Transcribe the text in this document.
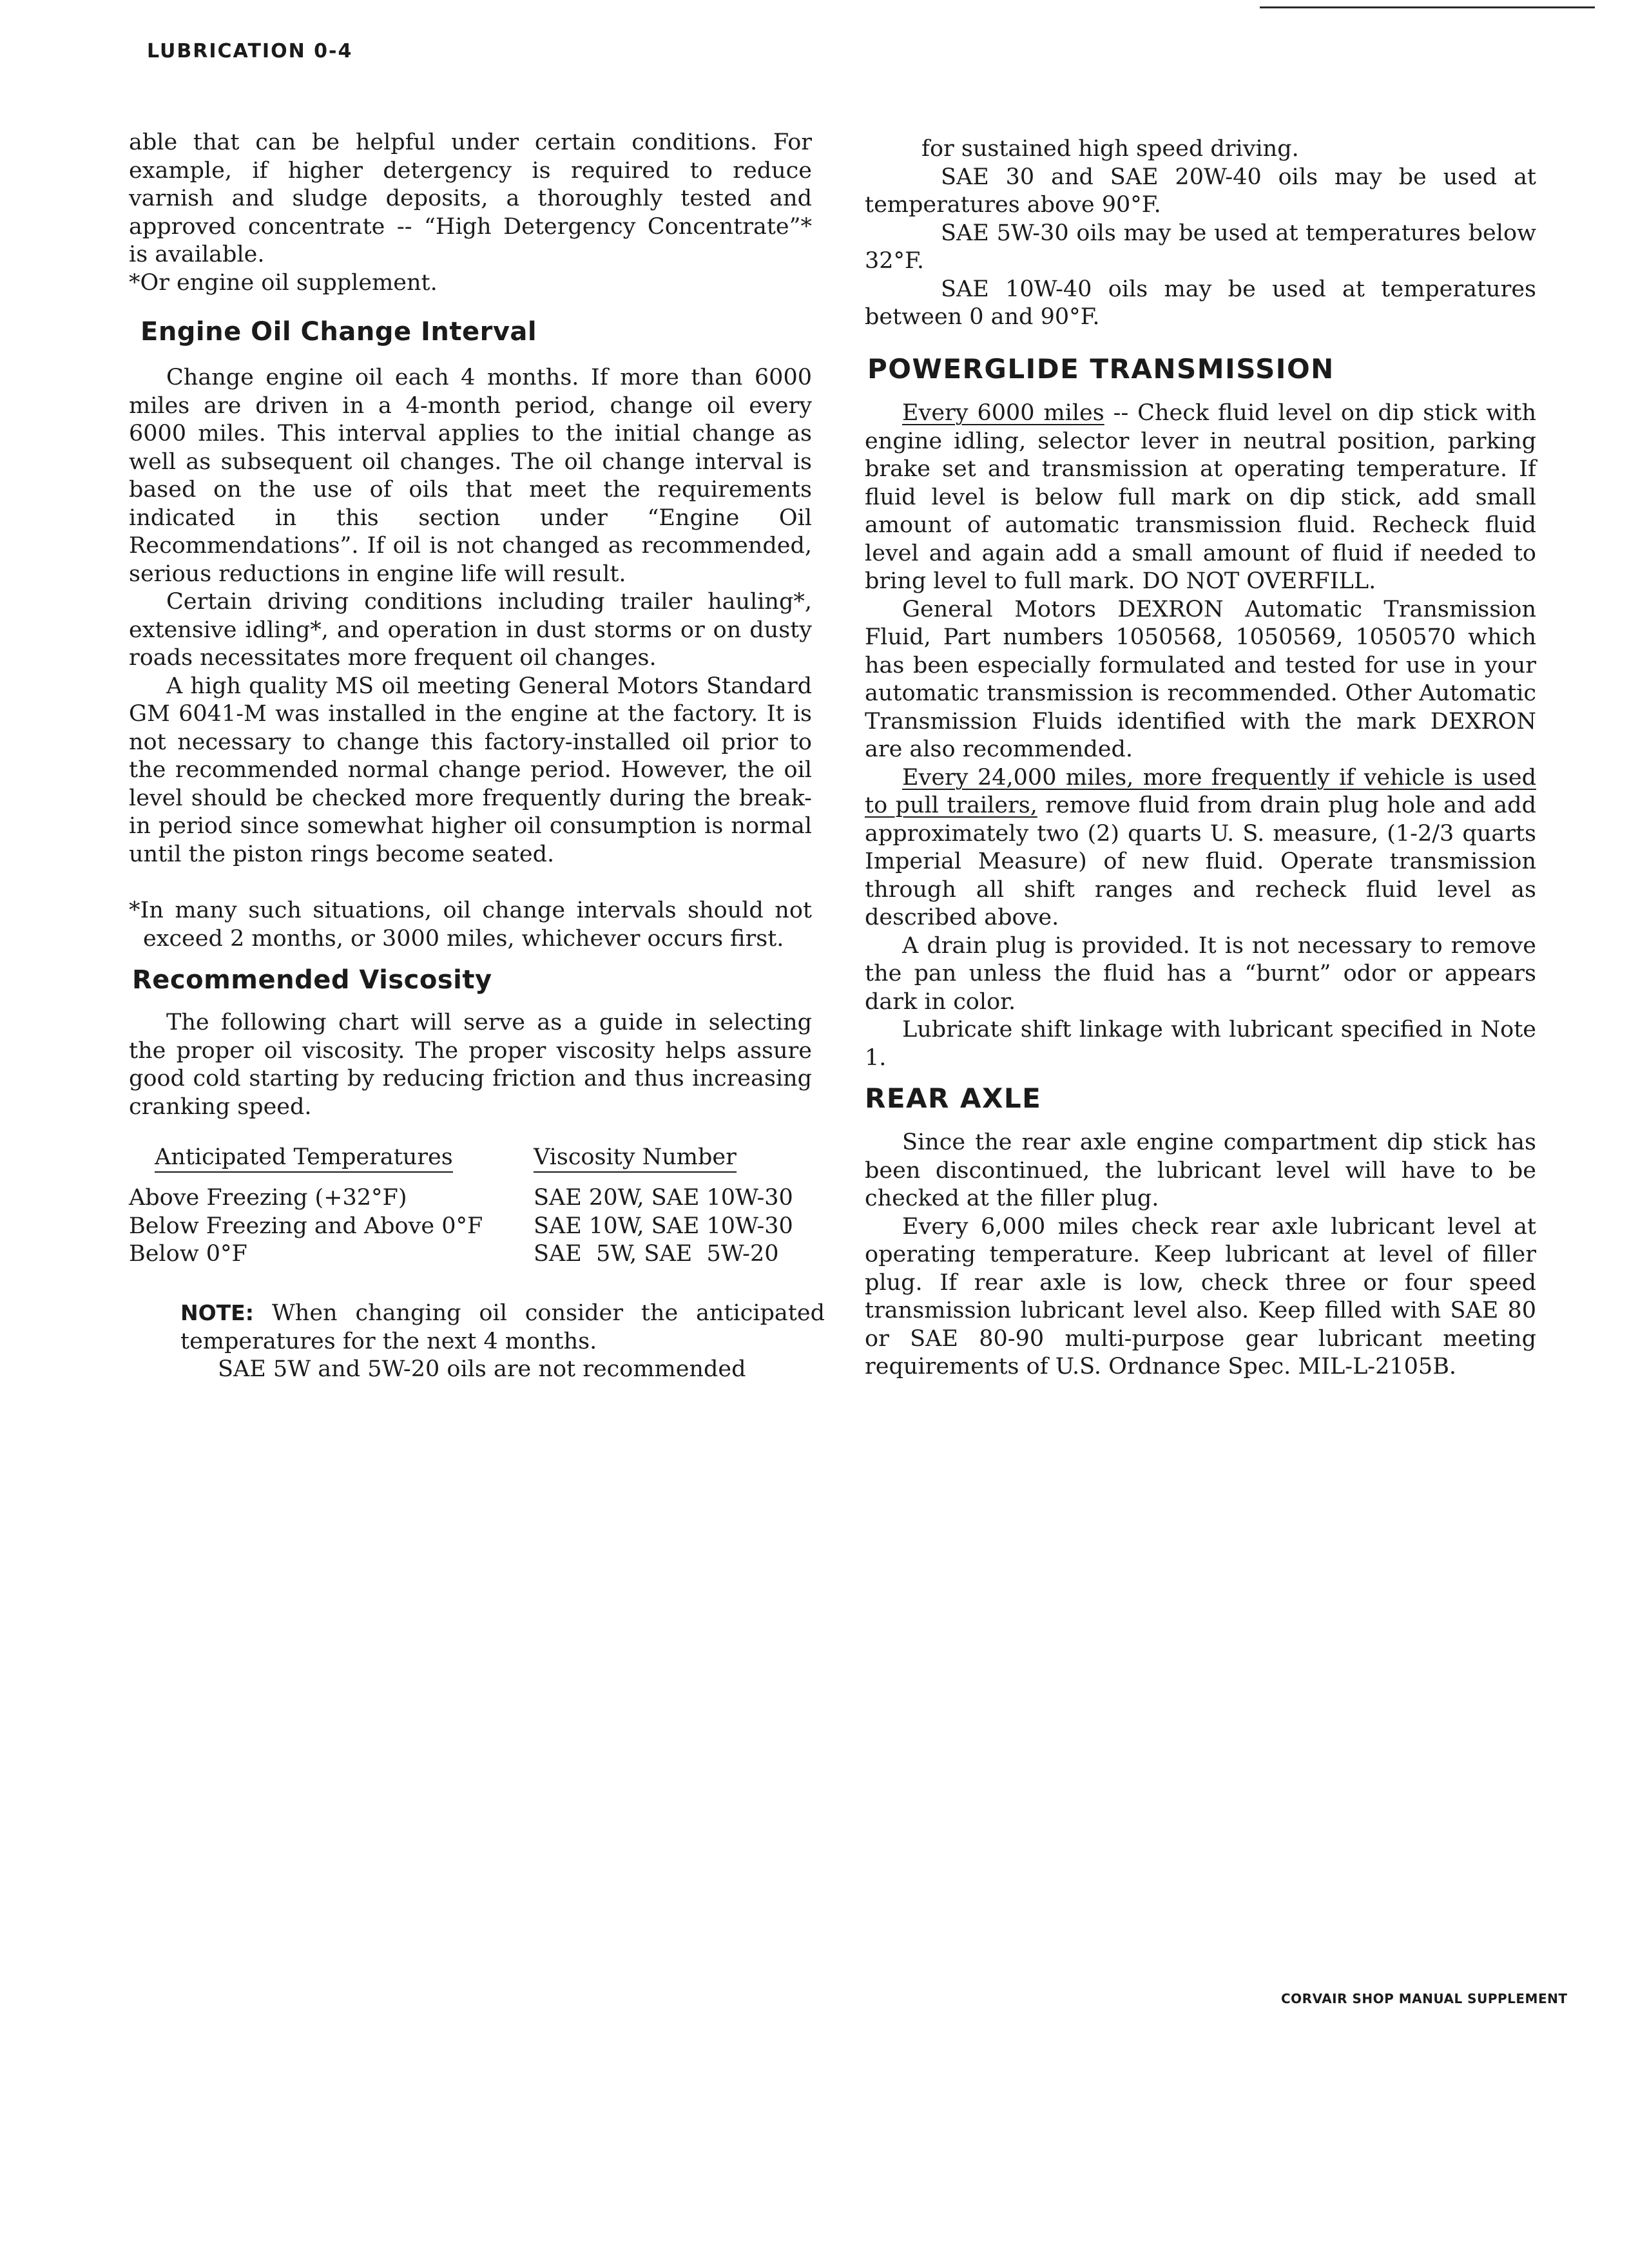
LUBRICATION 0-4

able that can be helpful under certain conditions. For example, if higher detergency is required to reduce varnish and sludge deposits, a thoroughly tested and approved concentrate -- “High Detergency Concentrate”* is available.

*Or engine oil supplement.

Engine Oil Change Interval

Change engine oil each 4 months. If more than 6000 miles are driven in a 4-month period, change oil every 6000 miles. This interval applies to the initial change as well as subsequent oil changes. The oil change interval is based on the use of oils that meet the requirements indicated in this section under “Engine Oil Recommendations”. If oil is not changed as recommended, serious reductions in engine life will result.

Certain driving conditions including trailer hauling*, extensive idling*, and operation in dust storms or on dusty roads necessitates more frequent oil changes.

A high quality MS oil meeting General Motors Standard GM 6041-M was installed in the engine at the factory. It is not necessary to change this factory-installed oil prior to the recommended normal change period. However, the oil level should be checked more frequently during the break-in period since somewhat higher oil consumption is normal until the piston rings become seated.

*In many such situations, oil change intervals should not exceed 2 months, or 3000 miles, whichever occurs first.

Recommended Viscosity

The following chart will serve as a guide in selecting the proper oil viscosity. The proper viscosity helps assure good cold starting by reducing friction and thus increasing cranking speed.

Anticipated Temperatures	Viscosity Number
Above Freezing (+32°F)	SAE 20W, SAE 10W-30
Below Freezing and Above 0°F	SAE 10W, SAE 10W-30
Below 0°F	SAE  5W, SAE  5W-20

NOTE: When changing oil consider the anticipated temperatures for the next 4 months.

SAE 5W and 5W-20 oils are not recommended

for sustained high speed driving.

SAE 30 and SAE 20W-40 oils may be used at temperatures above 90°F.

SAE 5W-30 oils may be used at temperatures below 32°F.

SAE 10W-40 oils may be used at temperatures between 0 and 90°F.

POWERGLIDE TRANSMISSION

Every 6000 miles -- Check fluid level on dip stick with engine idling, selector lever in neutral position, parking brake set and transmission at operating temperature. If fluid level is below full mark on dip stick, add small amount of automatic transmission fluid. Recheck fluid level and again add a small amount of fluid if needed to bring level to full mark. DO NOT OVERFILL.

General Motors DEXRON Automatic Transmission Fluid, Part numbers 1050568, 1050569, 1050570 which has been especially formulated and tested for use in your automatic transmission is recommended. Other Automatic Transmission Fluids identified with the mark DEXRON are also recommended.

Every 24,000 miles, more frequently if vehicle is used to pull trailers, remove fluid from drain plug hole and add approximately two (2) quarts U. S. measure, (1-2/3 quarts Imperial Measure) of new fluid. Operate transmission through all shift ranges and recheck fluid level as described above.

A drain plug is provided. It is not necessary to remove the pan unless the fluid has a “burnt” odor or appears dark in color.

Lubricate shift linkage with lubricant specified in Note 1.

REAR AXLE

Since the rear axle engine compartment dip stick has been discontinued, the lubricant level will have to be checked at the filler plug.

Every 6,000 miles check rear axle lubricant level at operating temperature. Keep lubricant at level of filler plug. If rear axle is low, check three or four speed transmission lubricant level also. Keep filled with SAE 80 or SAE 80-90 multi-purpose gear lubricant meeting requirements of U.S. Ordnance Spec. MIL-L-2105B.

CORVAIR SHOP MANUAL SUPPLEMENT
